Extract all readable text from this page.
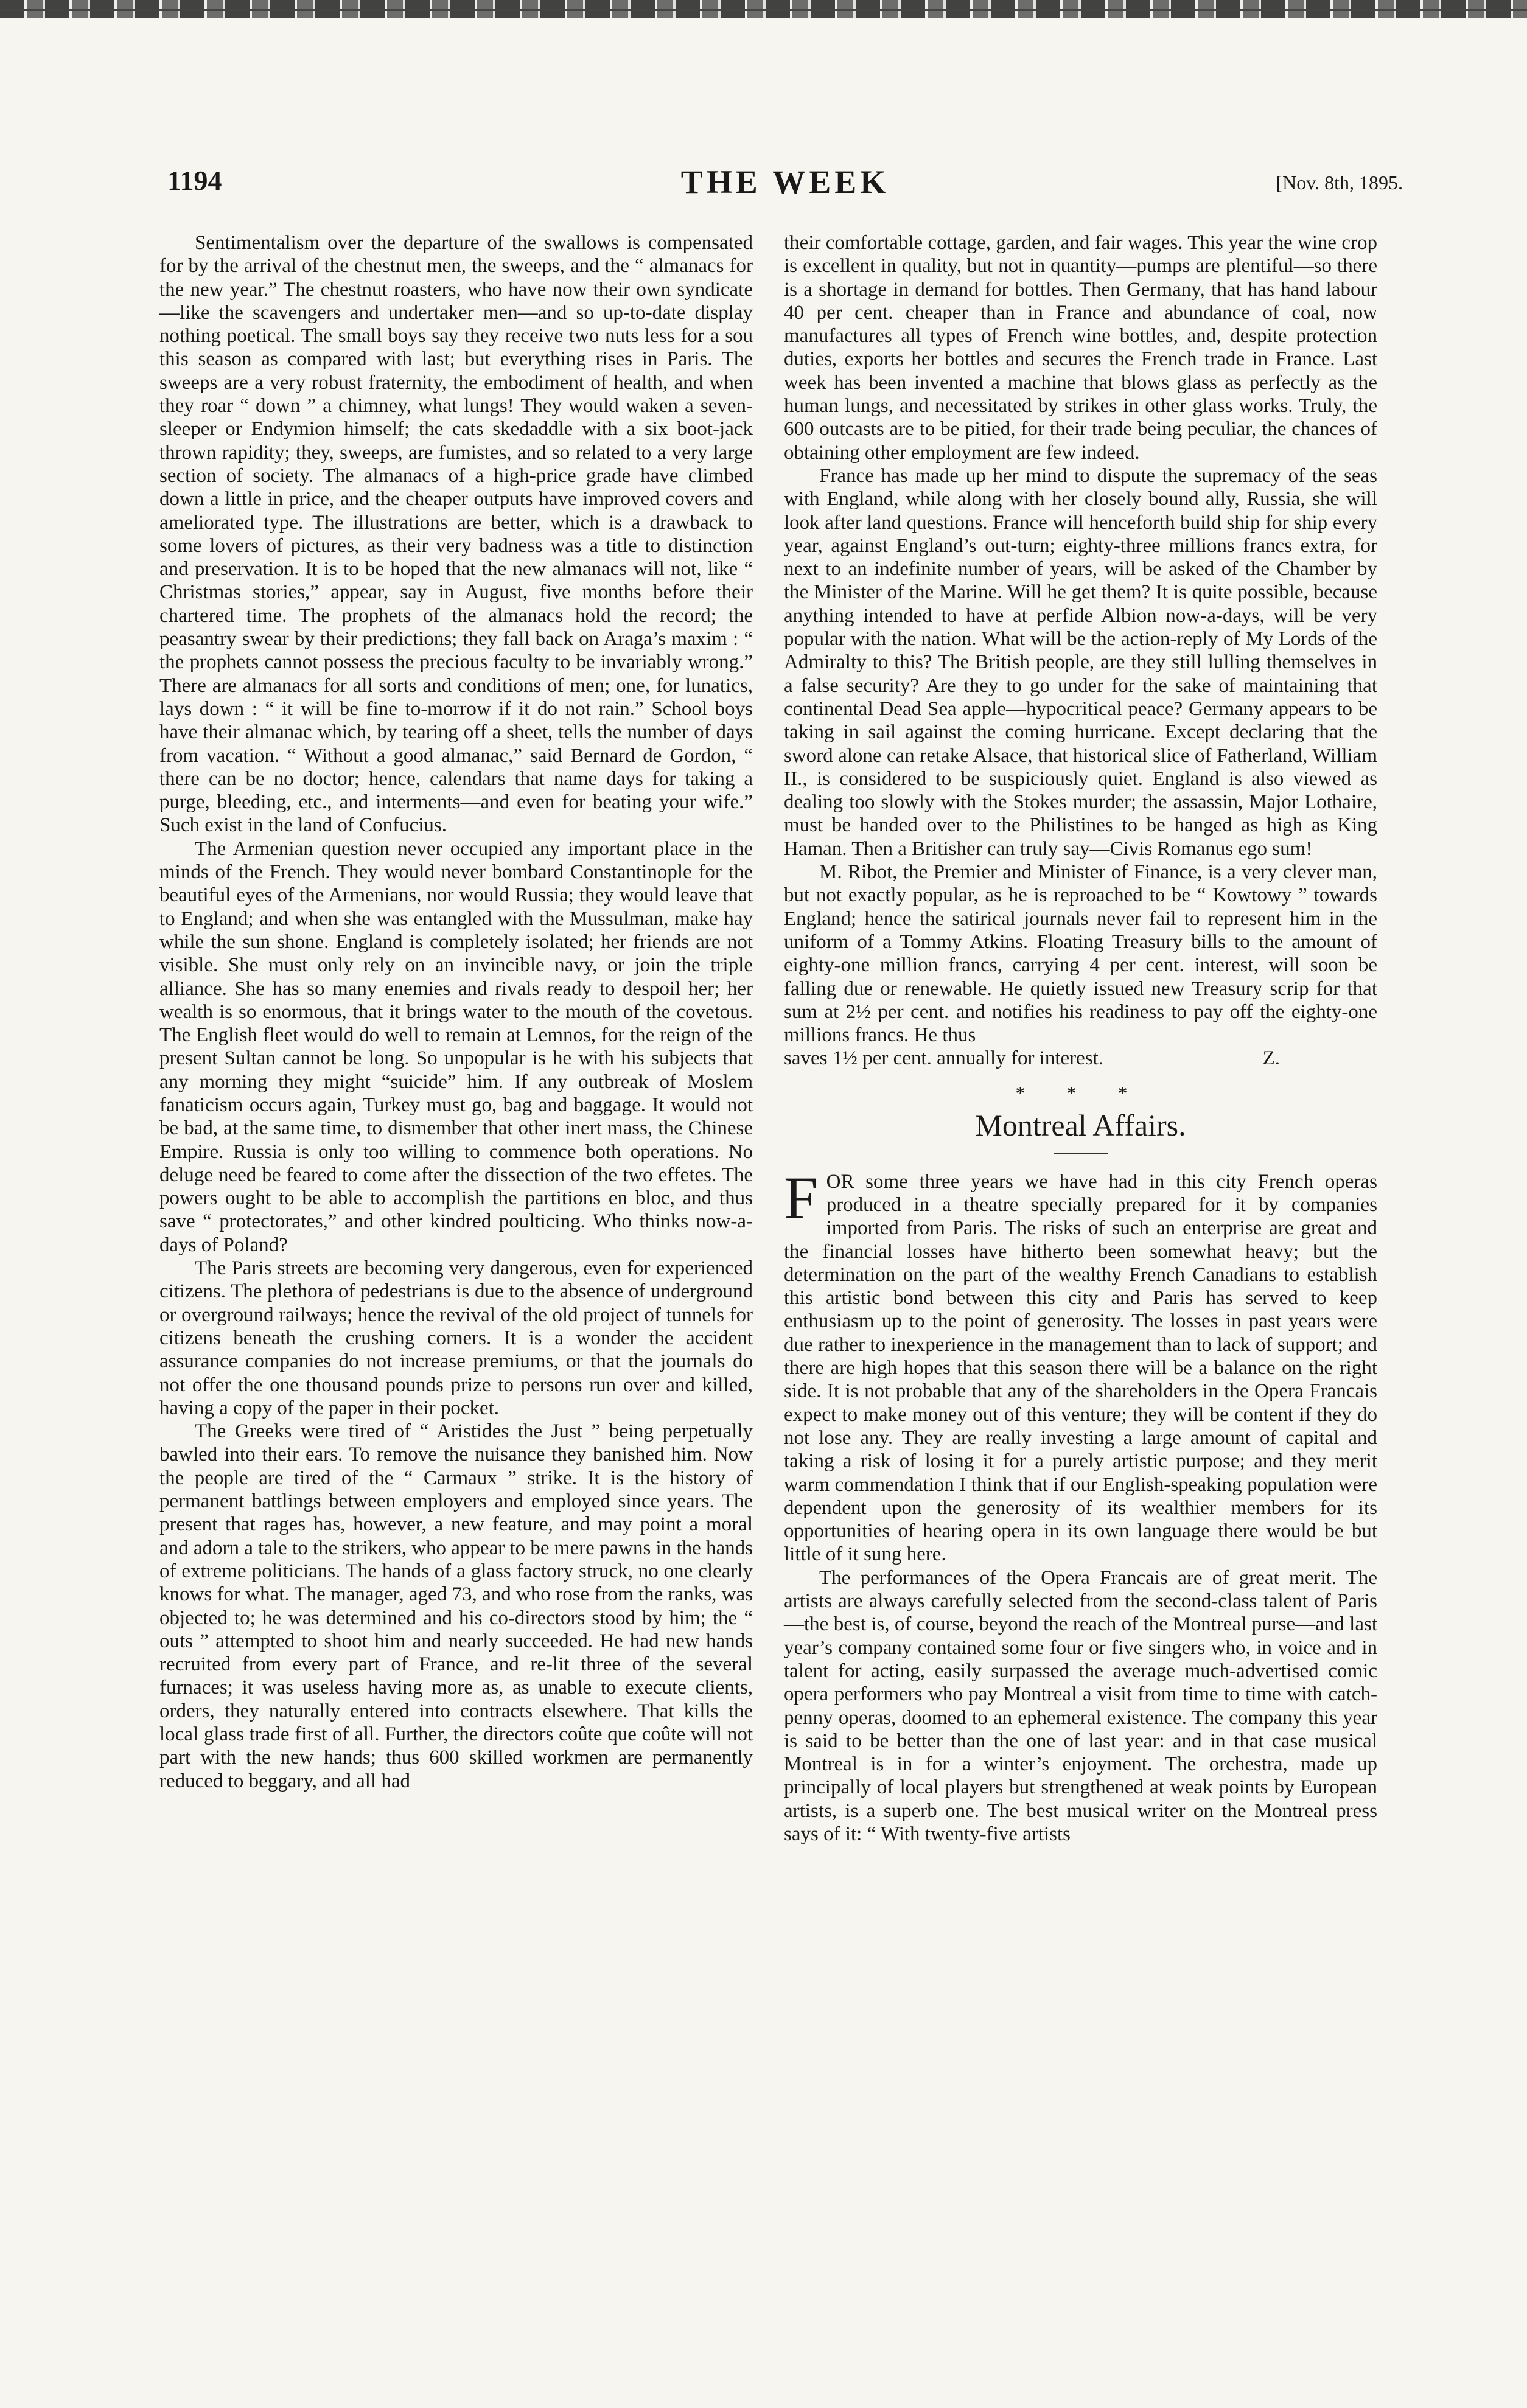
1194	THE WEEK	[Nov. 8th, 1895.

Sentimentalism over the departure of the swallows is compensated for by the arrival of the chestnut men, the sweeps, and the “ almanacs for the new year.” The chestnut roasters, who have now their own syndicate—like the scavengers and undertaker men—and so up-to-date display nothing poetical. The small boys say they receive two nuts less for a sou this season as compared with last; but everything rises in Paris. The sweeps are a very robust fraternity, the embodiment of health, and when they roar “ down ” a chimney, what lungs! They would waken a seven-sleeper or Endymion himself; the cats skedaddle with a six boot-jack thrown rapidity; they, sweeps, are fumistes, and so related to a very large section of society. The almanacs of a high-price grade have climbed down a little in price, and the cheaper outputs have improved covers and ameliorated type. The illustrations are better, which is a drawback to some lovers of pictures, as their very badness was a title to distinction and preservation. It is to be hoped that the new almanacs will not, like “ Christmas stories,” appear, say in August, five months before their chartered time. The prophets of the almanacs hold the record; the peasantry swear by their predictions; they fall back on Araga’s maxim : “ the prophets cannot possess the precious faculty to be invariably wrong.” There are almanacs for all sorts and conditions of men; one, for lunatics, lays down : “ it will be fine to-morrow if it do not rain.” School boys have their almanac which, by tearing off a sheet, tells the number of days from vacation. “ Without a good almanac,” said Bernard de Gordon, “ there can be no doctor; hence, calendars that name days for taking a purge, bleeding, etc., and interments—and even for beating your wife.” Such exist in the land of Confucius.

The Armenian question never occupied any important place in the minds of the French. They would never bombard Constantinople for the beautiful eyes of the Armenians, nor would Russia; they would leave that to England; and when she was entangled with the Mussulman, make hay while the sun shone. England is completely isolated; her friends are not visible. She must only rely on an invincible navy, or join the triple alliance. She has so many enemies and rivals ready to despoil her; her wealth is so enormous, that it brings water to the mouth of the covetous. The English fleet would do well to remain at Lemnos, for the reign of the present Sultan cannot be long. So unpopular is he with his subjects that any morning they might “suicide” him. If any outbreak of Moslem fanaticism occurs again, Turkey must go, bag and baggage. It would not be bad, at the same time, to dismember that other inert mass, the Chinese Empire. Russia is only too willing to commence both operations. No deluge need be feared to come after the dissection of the two effetes. The powers ought to be able to accomplish the partitions en bloc, and thus save “ protectorates,” and other kindred poulticing. Who thinks now-a-days of Poland?

The Paris streets are becoming very dangerous, even for experienced citizens. The plethora of pedestrians is due to the absence of underground or overground railways; hence the revival of the old project of tunnels for citizens beneath the crushing corners. It is a wonder the accident assurance companies do not increase premiums, or that the journals do not offer the one thousand pounds prize to persons run over and killed, having a copy of the paper in their pocket.

The Greeks were tired of “ Aristides the Just ” being perpetually bawled into their ears. To remove the nuisance they banished him. Now the people are tired of the “ Carmaux ” strike. It is the history of permanent battlings between employers and employed since years. The present that rages has, however, a new feature, and may point a moral and adorn a tale to the strikers, who appear to be mere pawns in the hands of extreme politicians. The hands of a glass factory struck, no one clearly knows for what. The manager, aged 73, and who rose from the ranks, was objected to; he was determined and his co-directors stood by him; the “ outs ” attempted to shoot him and nearly succeeded. He had new hands recruited from every part of France, and re-lit three of the several furnaces; it was useless having more as, as unable to execute clients, orders, they naturally entered into contracts elsewhere. That kills the local glass trade first of all. Further, the directors coûte que coûte will not part with the new hands; thus 600 skilled workmen are permanently reduced to beggary, and all had

their comfortable cottage, garden, and fair wages. This year the wine crop is excellent in quality, but not in quantity—pumps are plentiful—so there is a shortage in demand for bottles. Then Germany, that has hand labour 40 per cent. cheaper than in France and abundance of coal, now manufactures all types of French wine bottles, and, despite protection duties, exports her bottles and secures the French trade in France. Last week has been invented a machine that blows glass as perfectly as the human lungs, and necessitated by strikes in other glass works. Truly, the 600 outcasts are to be pitied, for their trade being peculiar, the chances of obtaining other employment are few indeed.

France has made up her mind to dispute the supremacy of the seas with England, while along with her closely bound ally, Russia, she will look after land questions. France will henceforth build ship for ship every year, against England’s out-turn; eighty-three millions francs extra, for next to an indefinite number of years, will be asked of the Chamber by the Minister of the Marine. Will he get them? It is quite possible, because anything intended to have at perfide Albion now-a-days, will be very popular with the nation. What will be the action-reply of My Lords of the Admiralty to this? The British people, are they still lulling themselves in a false security? Are they to go under for the sake of maintaining that continental Dead Sea apple—hypocritical peace? Germany appears to be taking in sail against the coming hurricane. Except declaring that the sword alone can retake Alsace, that historical slice of Fatherland, William II., is considered to be suspiciously quiet. England is also viewed as dealing too slowly with the Stokes murder; the assassin, Major Lothaire, must be handed over to the Philistines to be hanged as high as King Haman. Then a Britisher can truly say—Civis Romanus ego sum!

M. Ribot, the Premier and Minister of Finance, is a very clever man, but not exactly popular, as he is reproached to be “ Kowtowy ” towards England; hence the satirical journals never fail to represent him in the uniform of a Tommy Atkins. Floating Treasury bills to the amount of eighty-one million francs, carrying 4 per cent. interest, will soon be falling due or renewable. He quietly issued new Treasury scrip for that sum at 2½ per cent. and notifies his readiness to pay off the eighty-one millions francs. He thus

saves 1½ per cent. annually for interest.	Z.
* * *
Montreal Affairs.

FOR some three years we have had in this city French operas produced in a theatre specially prepared for it by companies imported from Paris. The risks of such an enterprise are great and the financial losses have hitherto been somewhat heavy; but the determination on the part of the wealthy French Canadians to establish this artistic bond between this city and Paris has served to keep enthusiasm up to the point of generosity. The losses in past years were due rather to inexperience in the management than to lack of support; and there are high hopes that this season there will be a balance on the right side. It is not probable that any of the shareholders in the Opera Francais expect to make money out of this venture; they will be content if they do not lose any. They are really investing a large amount of capital and taking a risk of losing it for a purely artistic purpose; and they merit warm commendation I think that if our English-speaking population were dependent upon the generosity of its wealthier members for its opportunities of hearing opera in its own language there would be but little of it sung here.

The performances of the Opera Francais are of great merit. The artists are always carefully selected from the second-class talent of Paris—the best is, of course, beyond the reach of the Montreal purse—and last year’s company contained some four or five singers who, in voice and in talent for acting, easily surpassed the average much-advertised comic opera performers who pay Montreal a visit from time to time with catch-penny operas, doomed to an ephemeral existence. The company this year is said to be better than the one of last year: and in that case musical Montreal is in for a winter’s enjoyment. The orchestra, made up principally of local players but strengthened at weak points by European artists, is a superb one. The best musical writer on the Montreal press says of it: “ With twenty-five artists
